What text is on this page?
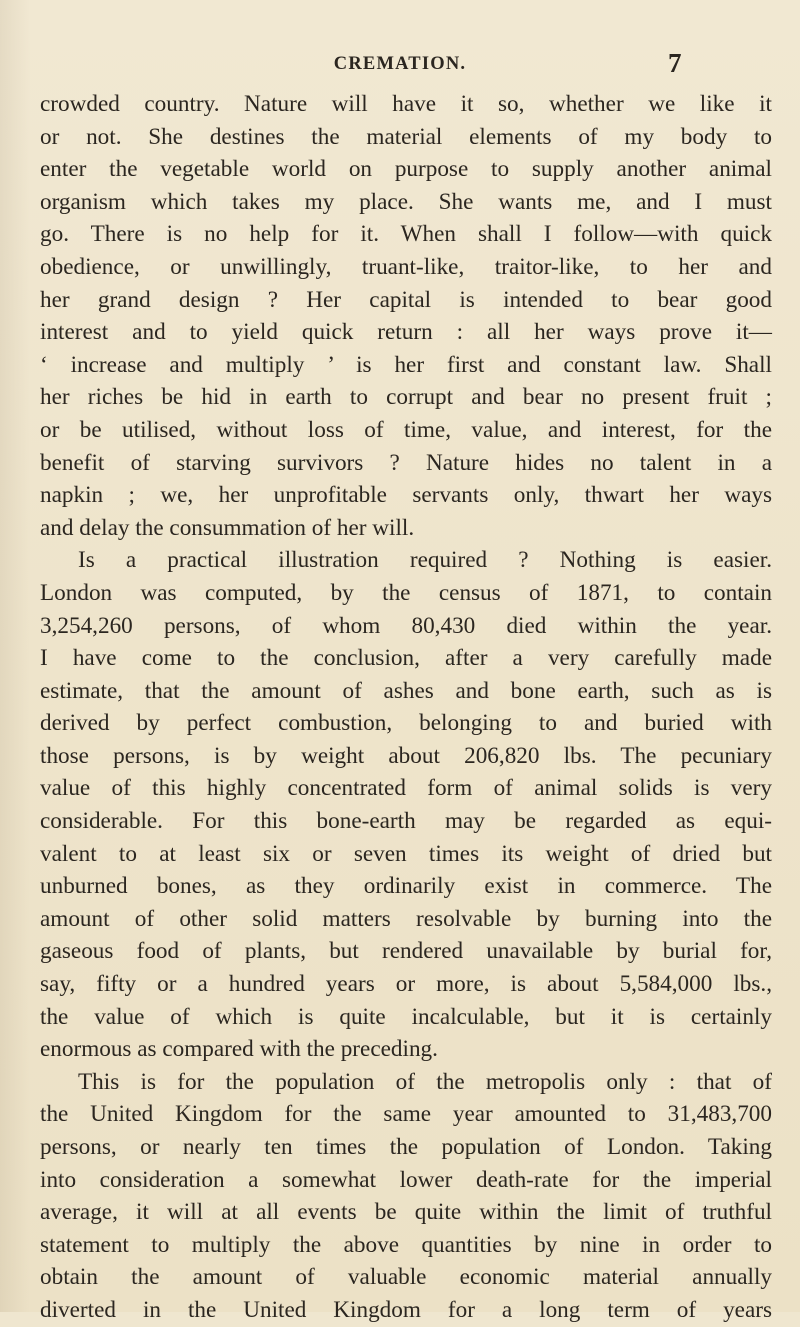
CREMATION.	7
crowded country. Nature will have it so, whether we like it
or not. She destines the material elements of my body to
enter the vegetable world on purpose to supply another animal
organism which takes my place. She wants me, and I must
go. There is no help for it. When shall I follow—with quick
obedience, or unwillingly, truant-like, traitor-like, to her and
her grand design ? Her capital is intended to bear good
interest and to yield quick return : all her ways prove it—
‘ increase and multiply ’ is her first and constant law. Shall
her riches be hid in earth to corrupt and bear no present fruit ;
or be utilised, without loss of time, value, and interest, for the
benefit of starving survivors ? Nature hides no talent in a
napkin ; we, her unprofitable servants only, thwart her ways
and delay the consummation of her will.
Is a practical illustration required ? Nothing is easier.
London was computed, by the census of 1871, to contain
3,254,260 persons, of whom 80,430 died within the year.
I have come to the conclusion, after a very carefully made
estimate, that the amount of ashes and bone earth, such as is
derived by perfect combustion, belonging to and buried with
those persons, is by weight about 206,820 lbs. The pecuniary
value of this highly concentrated form of animal solids is very
considerable. For this bone-earth may be regarded as equi-
valent to at least six or seven times its weight of dried but
unburned bones, as they ordinarily exist in commerce. The
amount of other solid matters resolvable by burning into the
gaseous food of plants, but rendered unavailable by burial for,
say, fifty or a hundred years or more, is about 5,584,000 lbs.,
the value of which is quite incalculable, but it is certainly
enormous as compared with the preceding.
This is for the population of the metropolis only : that of
the United Kingdom for the same year amounted to 31,483,700
persons, or nearly ten times the population of London. Taking
into consideration a somewhat lower death-rate for the imperial
average, it will at all events be quite within the limit of truthful
statement to multiply the above quantities by nine in order to
obtain the amount of valuable economic material annually
diverted in the United Kingdom for a long term of years
